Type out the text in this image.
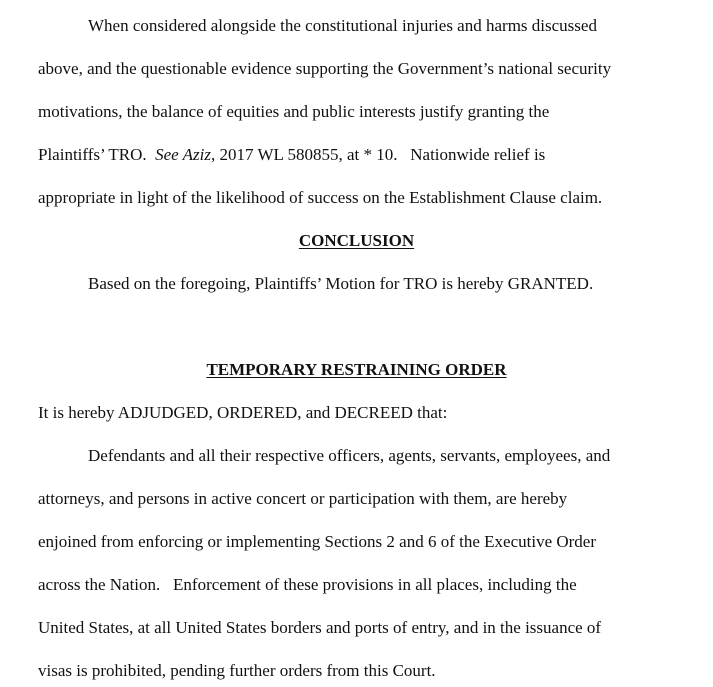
When considered alongside the constitutional injuries and harms discussed
above, and the questionable evidence supporting the Government’s national security
motivations, the balance of equities and public interests justify granting the
Plaintiffs’ TRO. See Aziz, 2017 WL 580855, at * 10. Nationwide relief is
appropriate in light of the likelihood of success on the Establishment Clause claim.
CONCLUSION
Based on the foregoing, Plaintiffs’ Motion for TRO is hereby GRANTED.
TEMPORARY RESTRAINING ORDER
It is hereby ADJUDGED, ORDERED, and DECREED that:
Defendants and all their respective officers, agents, servants, employees, and
attorneys, and persons in active concert or participation with them, are hereby
enjoined from enforcing or implementing Sections 2 and 6 of the Executive Order
across the Nation. Enforcement of these provisions in all places, including the
United States, at all United States borders and ports of entry, and in the issuance of
visas is prohibited, pending further orders from this Court.
